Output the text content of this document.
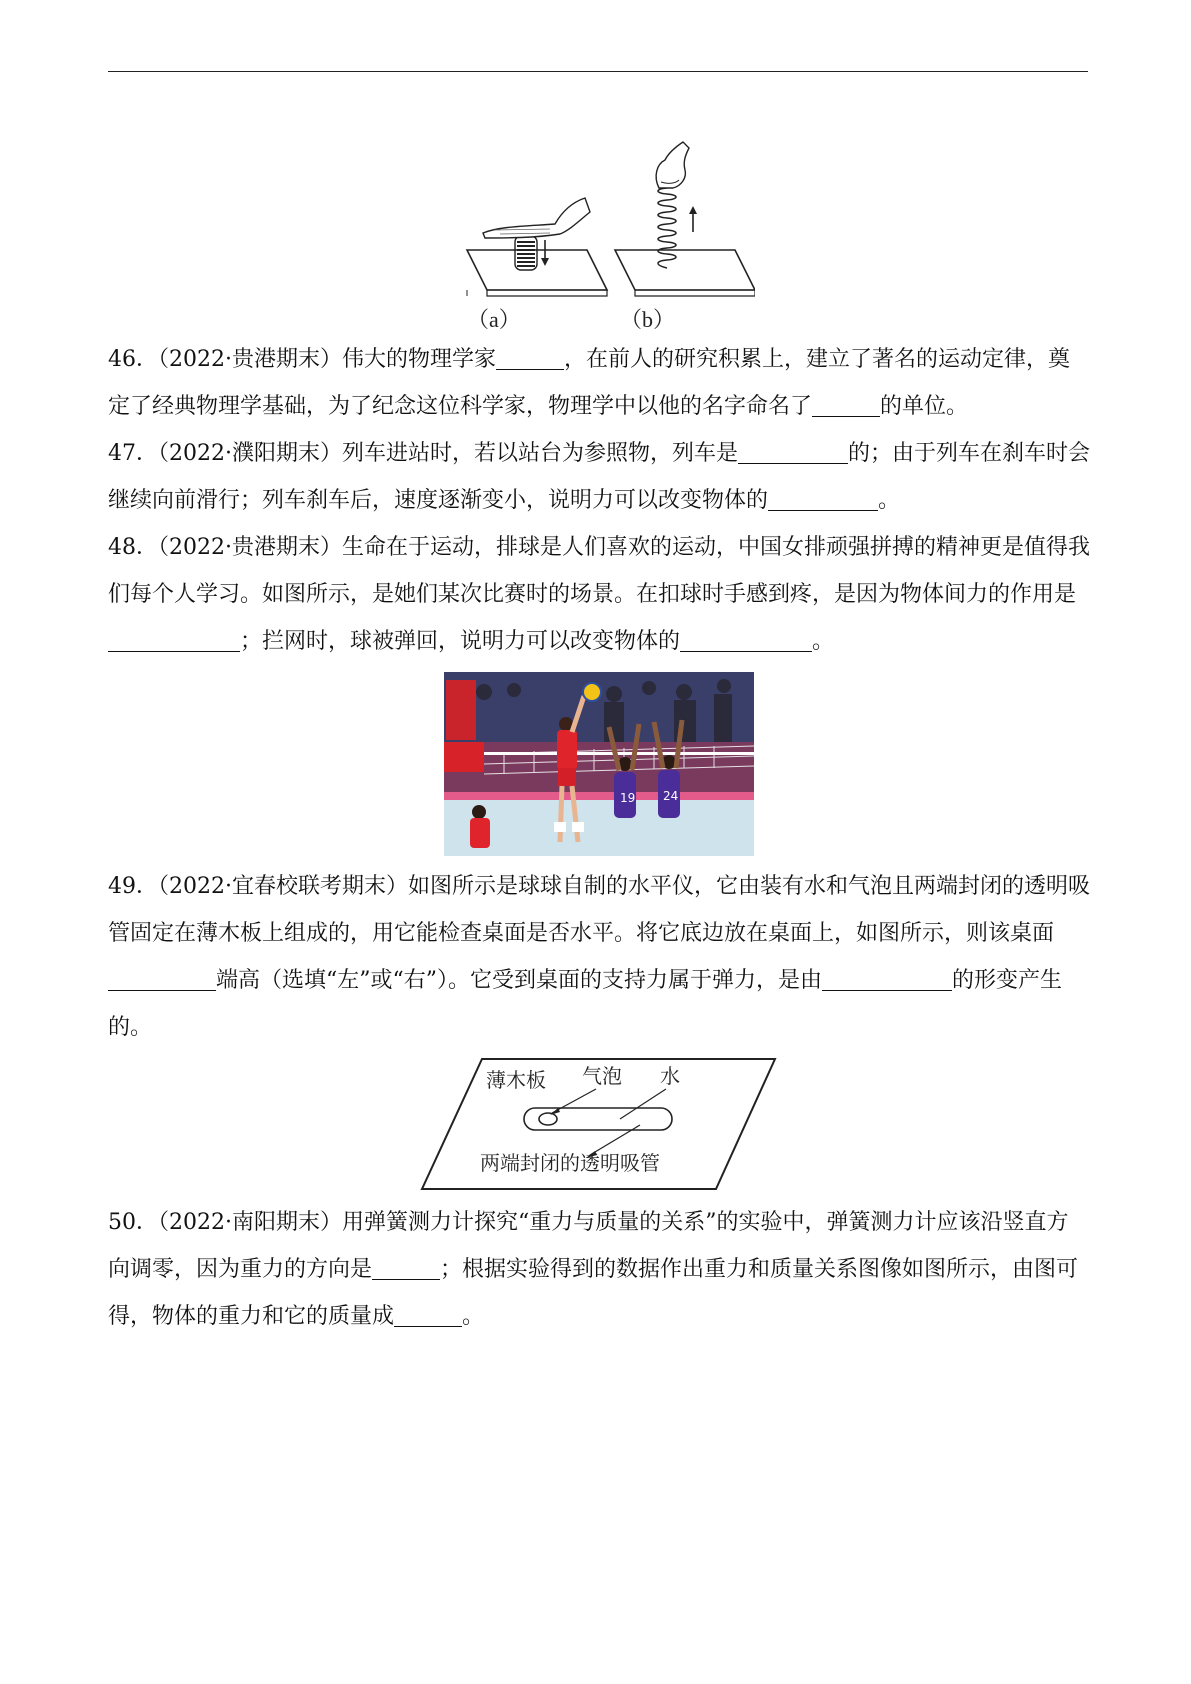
（a）	（b）
46．（2022·贵港期末）伟大的物理学家	，在前人的研究积累上，建立了著名的运动定律，奠定了经典物理学基础，为了纪念这位科学家，物理学中以他的名字命名了	的单位。
47．（2022·濮阳期末）列车进站时，若以站台为参照物，列车是	的；由于列车在刹车时会继续向前滑行；列车刹车后，速度逐渐变小，说明力可以改变物体的	。
48．（2022·贵港期末）生命在于运动，排球是人们喜欢的运动，中国女排顽强拼搏的精神更是值得我们每个人学习。如图所示，是她们某次比赛时的场景。在扣球时手感到疼，是因为物体间力的作用是；拦网时，球被弹回，说明力可以改变物体的	。
19 24
49．（2022·宜春校联考期末）如图所示是球球自制的水平仪，它由装有水和气泡且两端封闭的透明吸管固定在薄木板上组成的，用它能检查桌面是否水平。将它底边放在桌面上，如图所示，则该桌面端高（选填“左”或“右”）。它受到桌面的支持力属于弹力，是由	的形变产生的。
薄木板 气泡 水
两端封闭的透明吸管
50．（2022·南阳期末）用弹簧测力计探究“重力与质量的关系”的实验中，弹簧测力计应该沿竖直方向调零，因为重力的方向是	；根据实验得到的数据作出重力和质量关系图像如图所示，由图可得，物体的重力和它的质量成	。
